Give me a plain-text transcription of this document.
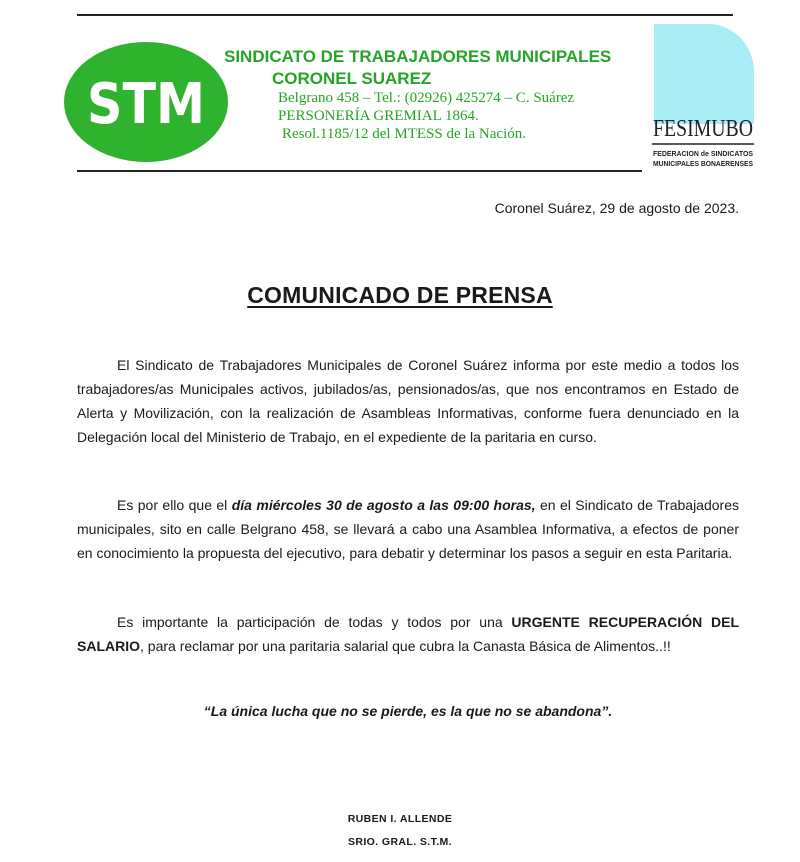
STM
SINDICATO DE TRABAJADORES MUNICIPALES
CORONEL SUAREZ
Belgrano 458 – Tel.: (02926) 425274 – C. Suárez
PERSONERÍA GREMIAL 1864.
Resol.1185/12 del MTESS de la Nación.	FESIMUBO
FEDERACION de SINDICATOS
MUNICIPALES BONAERENSES
Coronel Suárez, 29 de agosto de 2023.
COMUNICADO DE PRENSA

El Sindicato de Trabajadores Municipales de Coronel Suárez informa por este medio a todos los trabajadores/as Municipales activos, jubilados/as, pensionados/as, que nos encontramos en Estado de Alerta y Movilización, con la realización de Asambleas Informativas, conforme fuera denunciado en la Delegación local del Ministerio de Trabajo, en el expediente de la paritaria en curso.

Es por ello que el día miércoles 30 de agosto a las 09:00 horas, en el Sindicato de Trabajadores municipales, sito en calle Belgrano 458, se llevará a cabo una Asamblea Informativa, a efectos de poner en conocimiento la propuesta del ejecutivo, para debatir y determinar los pasos a seguir en esta Paritaria.

Es importante la participación de todas y todos por una URGENTE RECUPERACIÓN DEL SALARIO, para reclamar por una paritaria salarial que cubra la Canasta Básica de Alimentos..!!

“La única lucha que no se pierde, es la que no se abandona”.
RUBEN I. ALLENDE
SRIO. GRAL. S.T.M.
